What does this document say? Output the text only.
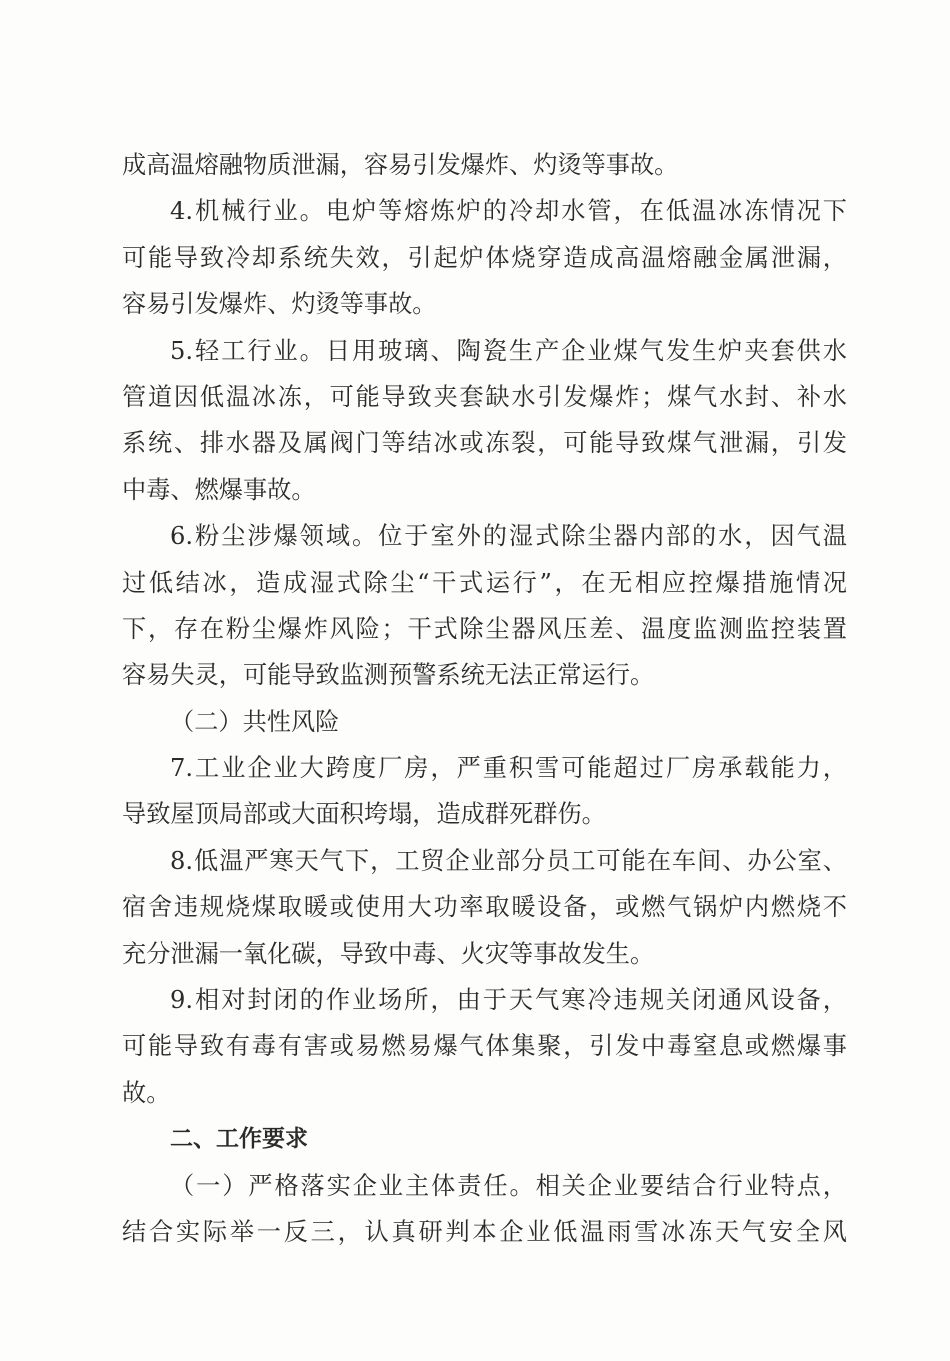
成高温熔融物质泄漏，容易引发爆炸、灼烫等事故。
4.机械行业。电炉等熔炼炉的冷却水管，在低温冰冻情况下
可能导致冷却系统失效，引起炉体烧穿造成高温熔融金属泄漏，
容易引发爆炸、灼烫等事故。
5.轻工行业。日用玻璃、陶瓷生产企业煤气发生炉夹套供水
管道因低温冰冻，可能导致夹套缺水引发爆炸；煤气水封、补水
系统、排水器及属阀门等结冰或冻裂，可能导致煤气泄漏，引发
中毒、燃爆事故。
6.粉尘涉爆领域。位于室外的湿式除尘器内部的水，因气温
过低结冰，造成湿式除尘“干式运行”，在无相应控爆措施情况
下，存在粉尘爆炸风险；干式除尘器风压差、温度监测监控装置
容易失灵，可能导致监测预警系统无法正常运行。
（二）共性风险
7.工业企业大跨度厂房，严重积雪可能超过厂房承载能力，
导致屋顶局部或大面积垮塌，造成群死群伤。
8.低温严寒天气下，工贸企业部分员工可能在车间、办公室、
宿舍违规烧煤取暖或使用大功率取暖设备，或燃气锅炉内燃烧不
充分泄漏一氧化碳，导致中毒、火灾等事故发生。
9.相对封闭的作业场所，由于天气寒冷违规关闭通风设备，
可能导致有毒有害或易燃易爆气体集聚，引发中毒窒息或燃爆事
故。
二、工作要求
（一）严格落实企业主体责任。相关企业要结合行业特点，
结合实际举一反三，认真研判本企业低温雨雪冰冻天气安全风
